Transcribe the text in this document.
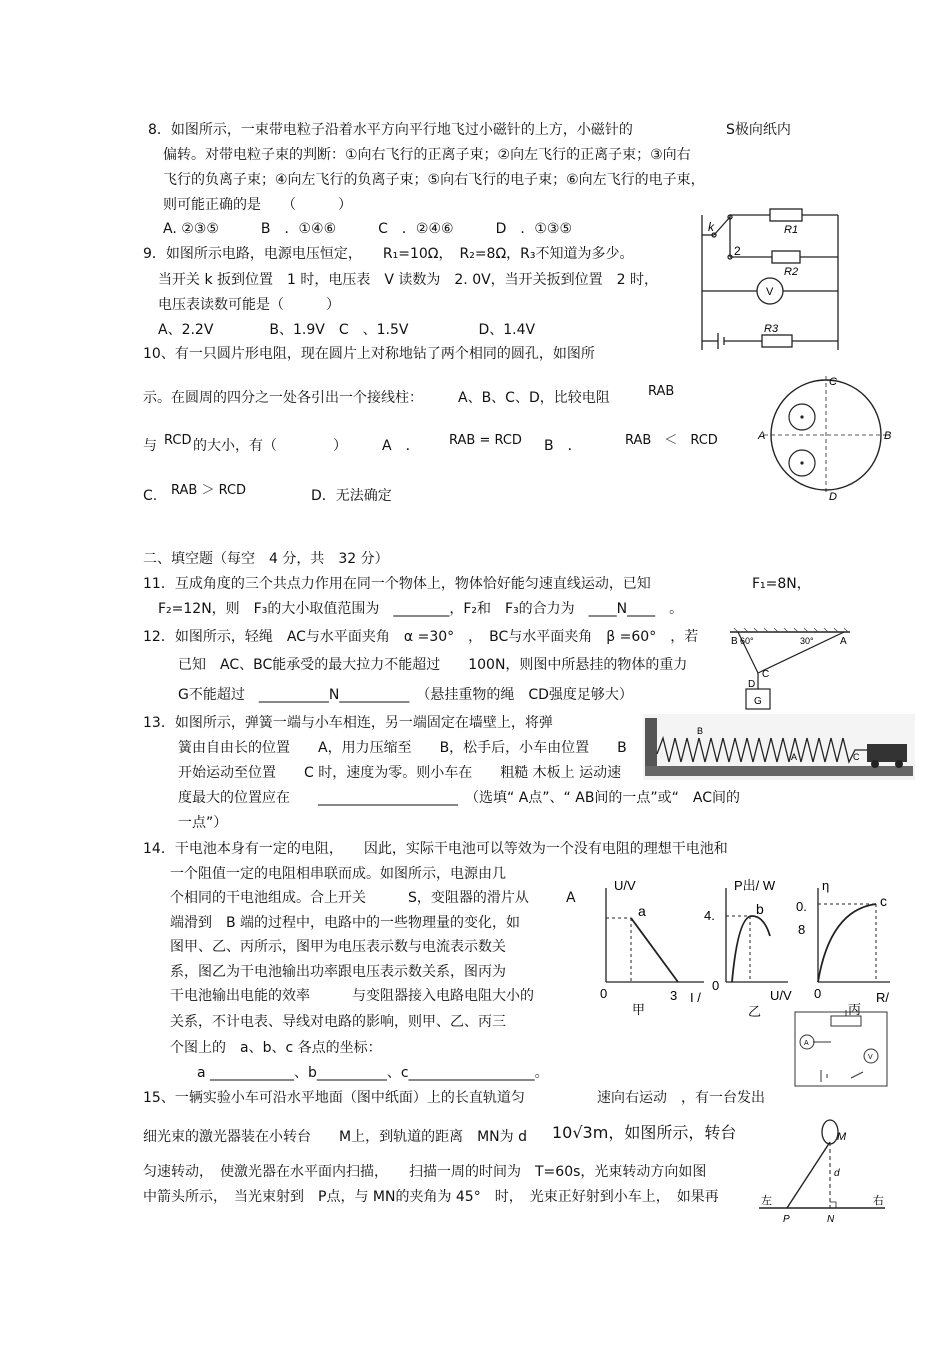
8．如图所示，一束带电粒子沿着水平方向平行地飞过小磁针的上方，小磁针的	S极向纸内
偏转。对带电粒子束的判断：①向右飞行的正离子束；②向左飞行的正离子束；③向右
飞行的负离子束；④向左飞行的负离子束；⑤向右飞行的电子束；⑥向左飞行的电子束，
则可能正确的是　　（　　　）
A. ②③⑤　　　B　．①④⑥　　　C　．②④⑥　　　D　．①③⑤
9．如图所示电路，电源电压恒定，　　R₁=10Ω，　R₂=8Ω，R₃不知道为多少。
当开关 k 扳到位置　1 时，电压表　V 读数为　2. 0V，当开关扳到位置　2 时，
电压表读数可能是（　　　）
A、2.2V　　　　B、1.9V　C　、1.5V　　　　　D、1.4V
k
2
R1
R2
R3
V
10、有一只圆片形电阻，现在圆片上对称地钻了两个相同的圆孔，如图所
示。在圆周的四分之一处各引出一个接线柱：　　　A、B、C、D，比较电阻	RAB
与 RCD 的大小，有（　　　　）　　　A　． RAB = RCD B　．	RAB　＜　RCD
C. RAB ＞ RCD	D．无法确定
A	B
C
D
二、填空题（每空　4 分，共　32 分）
11．互成角度的三个共点力作用在同一个物体上，物体恰好能匀速直线运动，已知	F₁=8N，
F₂=12N，则　F₃的大小取值范围为　________，F₂和　F₃的合力为　____N____　。
12．如图所示，轻绳　AC与水平面夹角　α =30°　，　BC与水平面夹角　β =60°　，若
已知　AC、BC能承受的最大拉力不能超过　　100N，则图中所悬挂的物体的重力
G不能超过　__________N__________　（悬挂重物的绳　CD强度足够大）
B 60°	30°	A
C
D
G
13．如图所示，弹簧一端与小车相连，另一端固定在墙壁上，将弹
簧由自由长的位置　　A，用力压缩至　　B，松手后，小车由位置　　B
开始运动至位置　　C 时，速度为零。则小车在　　粗糙 木板上 运动速
度最大的位置应在　　____________________　（选填“ A点”、“ AB间的一点”或“　AC间的
一点”）
B
A	C
14．干电池本身有一定的电阻，　　因此，实际干电池可以等效为一个没有电阻的理想干电池和
一个阻值一定的电阻相串联而成。如图所示，电源由几
个相同的干电池组成。合上开关　　　S，变阻器的滑片从	A
端滑到　B 端的过程中，电路中的一些物理量的变化，如
图甲、乙、丙所示，图甲为电压表示数与电流表示数关
系，图乙为干电池输出功率跟电压表示数关系，图丙为
干电池输出电能的效率　　　与变阻器接入电路电阻大小的
关系，不计电表、导线对电路的影响，则甲、乙、丙三
个图上的　a、b、c 各点的坐标：
a ____________、b__________、c__________________。
U/V
a
0	3 I /
甲
P出/ W
b
4.
0
U/V
乙
η
c
0.
8
0	R/
丙
A
V
15、一辆实验小车可沿水平地面（图中纸面）上的长直轨道匀	速向右运动　，有一台发出
细光束的激光器装在小转台　　M上，到轨道的距离　MN为 d 10√3m，如图所示，转台
匀速转动，　使激光器在水平面内扫描，　　扫描一周的时间为　T=60s，光束转动方向如图
中箭头所示，　当光束射到　P点，与 MN的夹角为 45°　时，　光束正好射到小车上，　如果再
M
d
P	N
左	右
